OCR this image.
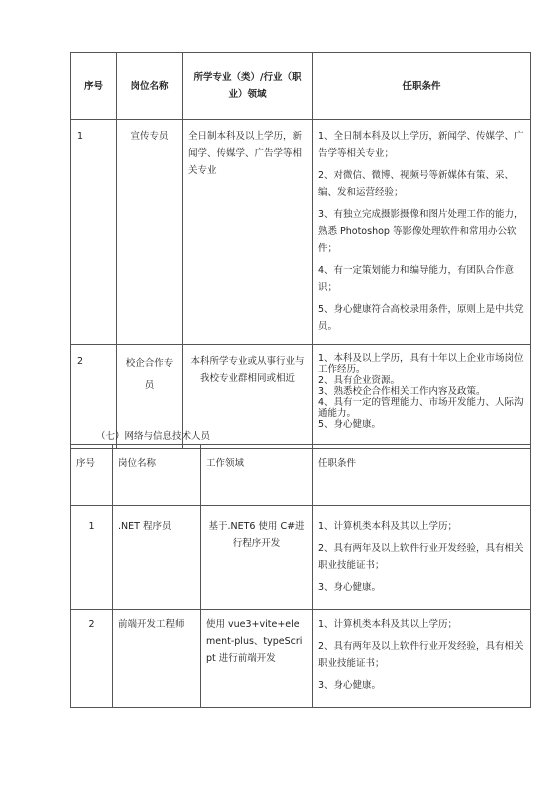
序号	岗位名称	所学专业（类）/行业（职业）领域	任职条件
1	宣传专员	全日制本科及以上学历，新闻学、传媒学、广告学等相关专业	1、全日制本科及以上学历，新闻学、传媒学、广告学等相关专业；

2、对微信、微博、视频号等新媒体有策、采、编、发和运营经验；

3、有独立完成摄影摄像和图片处理工作的能力，熟悉 Photoshop 等影像处理软件和常用办公软件；

4、有一定策划能力和编导能力，有团队合作意识；

5、身心健康符合高校录用条件，原则上是中共党员。

2	校企合作专员	本科所学专业或从事行业与我校专业群相同或相近	1、本科及以上学历，具有十年以上企业市场岗位工作经历。

2、具有企业资源。

3、熟悉校企合作相关工作内容及政策。

4、具有一定的管理能力、市场开发能力、人际沟通能力。

5、身心健康。

（七）网络与信息技术人员
序号	岗位名称	工作领域	任职条件
1	.NET 程序员	基于.NET6 使用 C#进行程序开发	1、计算机类本科及其以上学历；

2、具有两年及以上软件行业开发经验，具有相关职业技能证书；

3、身心健康。

2	前端开发工程师	使用 vue3+vite+element-plus、typeScript 进行前端开发	1、计算机类本科及其以上学历；

2、具有两年及以上软件行业开发经验，具有相关职业技能证书；

3、身心健康。
